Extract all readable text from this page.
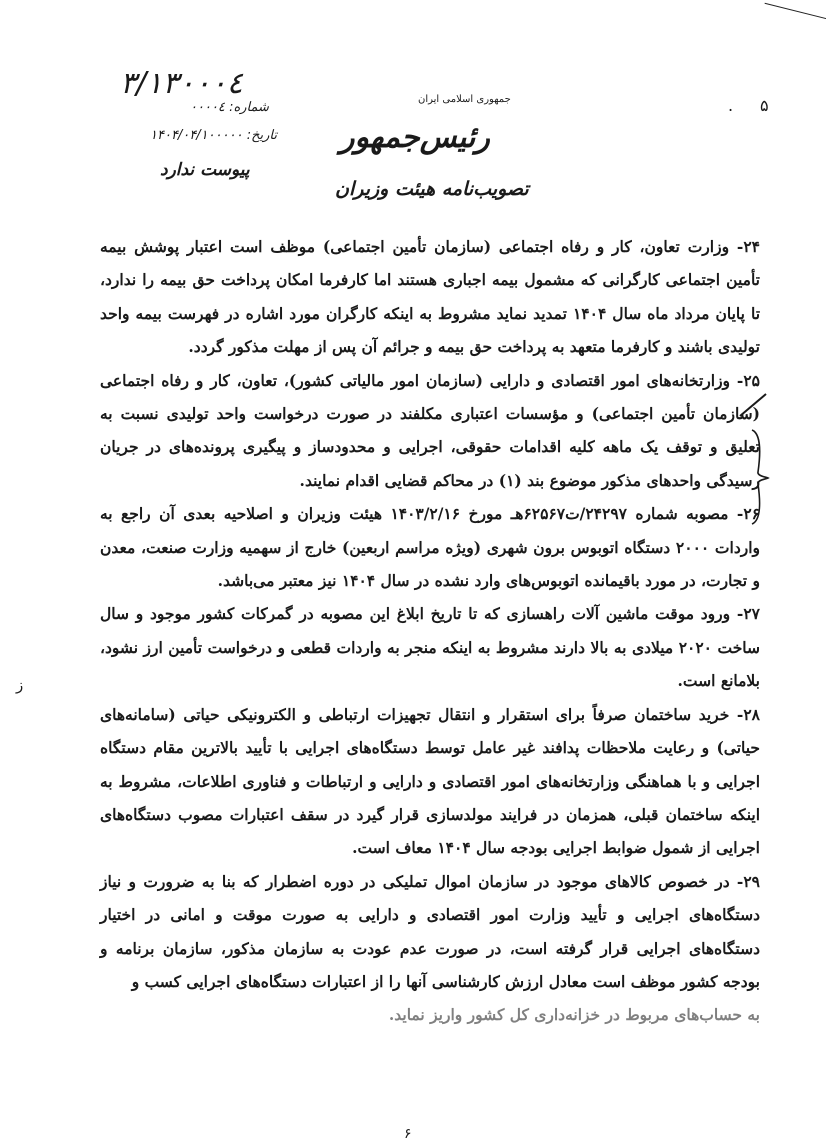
٣/١٣٠٠٠٤
شماره: ٠٠٠٠٤
تاریخ: ١۴٠۴/٠۴/١٠٠٠٠٠
پیوست ندارد
. ۵
جمهوری اسلامی ایران
رئیس‌جمهور
تصویب‌نامه هیئت وزیران
ز

۲۴- وزارت تعاون، کار و رفاه اجتماعی (سازمان تأمین اجتماعی) موظف است اعتبار پوشش بیمه تأمین اجتماعی کارگرانی که مشمول بیمه اجباری هستند اما کارفرما امکان پرداخت حق بیمه را ندارد، تا پایان مرداد ماه سال ۱۴۰۴ تمدید نماید مشروط به اینکه کارگران مورد اشاره در فهرست بیمه واحد تولیدی باشند و کارفرما متعهد به پرداخت حق بیمه و جرائم آن پس از مهلت مذکور گردد.

۲۵- وزارتخانه‌های امور اقتصادی و دارایی (سازمان امور مالیاتی کشور)، تعاون، کار و رفاه اجتماعی (سازمان تأمین اجتماعی) و مؤسسات اعتباری مکلفند در صورت درخواست واحد تولیدی نسبت به تعلیق و توقف یک ماهه کلیه اقدامات حقوقی، اجرایی و محدودساز و پیگیری پرونده‌های در جریان رسیدگی واحدهای مذکور موضوع بند (۱) در محاکم قضایی اقدام نمایند.

۲۶- مصوبه شماره ۲۴۲۹۷/ت۶۲۵۶۷هـ مورخ ۱۴۰۳/۲/۱۶ هیئت وزیران و اصلاحیه بعدی آن راجع به واردات ۲۰۰۰ دستگاه اتوبوس برون شهری (ویژه مراسم اربعین) خارج از سهمیه وزارت صنعت، معدن و تجارت، در مورد باقیمانده اتوبوس‌های وارد نشده در سال ۱۴۰۴ نیز معتبر می‌باشد.

۲۷- ورود موقت ماشین آلات راهسازی که تا تاریخ ابلاغ این مصوبه در گمرکات کشور موجود و سال ساخت ۲۰۲۰ میلادی به بالا دارند مشروط به اینکه منجر به واردات قطعی و درخواست تأمین ارز نشود، بلامانع است.

۲۸- خرید ساختمان صرفاً برای استقرار و انتقال تجهیزات ارتباطی و الکترونیکی حیاتی (سامانه‌های حیاتی) و رعایت ملاحظات پدافند غیر عامل توسط دستگاه‌های اجرایی با تأیید بالاترین مقام دستگاه اجرایی و با هماهنگی وزارتخانه‌های امور اقتصادی و دارایی و ارتباطات و فناوری اطلاعات، مشروط به اینکه ساختمان قبلی، همزمان در فرایند مولدسازی قرار گیرد در سقف اعتبارات مصوب دستگاه‌های اجرایی از شمول ضوابط اجرایی بودجه سال ۱۴۰۴ معاف است.

۲۹- در خصوص کالاهای موجود در سازمان اموال تملیکی در دوره اضطرار که بنا به ضرورت و نیاز دستگاه‌های اجرایی و تأیید وزارت امور اقتصادی و دارایی به صورت موقت و امانی در اختیار دستگاه‌های اجرایی قرار گرفته است، در صورت عدم عودت به سازمان مذکور، سازمان برنامه و بودجه کشور موظف است معادل ارزش کارشناسی آنها را از اعتبارات دستگاه‌های اجرایی کسب و

به حساب‌های مربوط در خزانه‌داری کل کشور واریز نماید.

۶
